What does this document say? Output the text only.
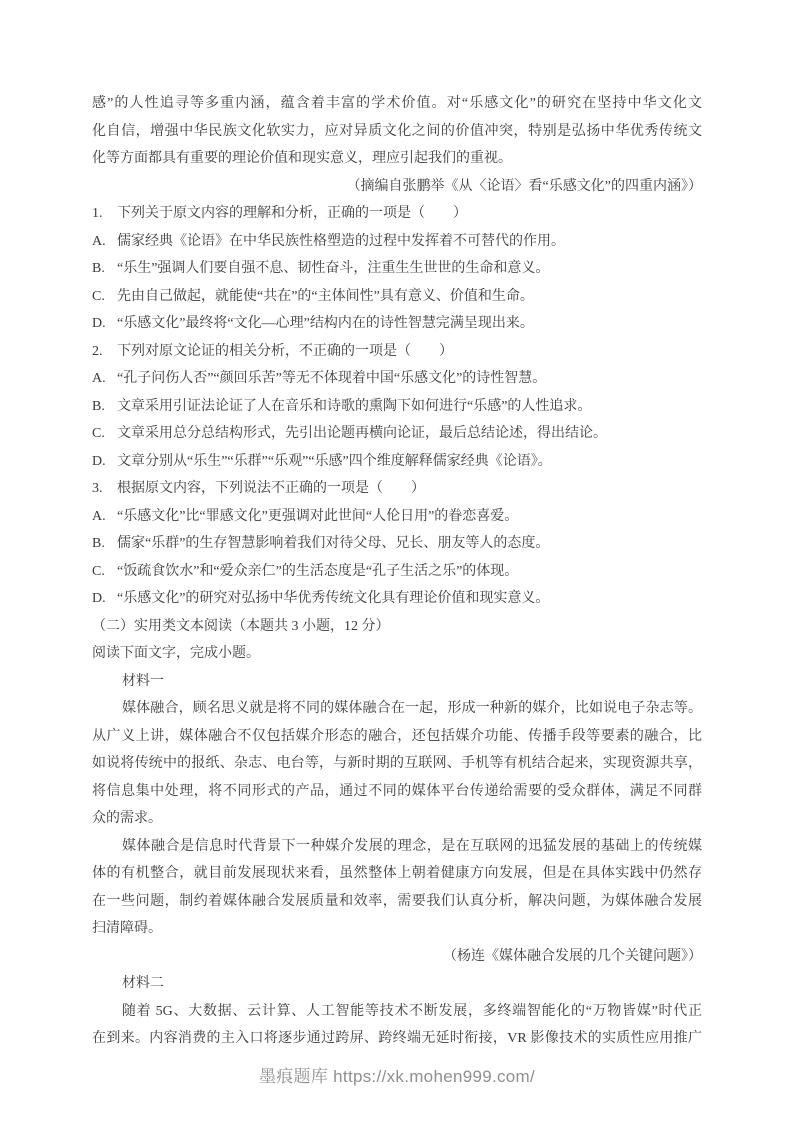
感”的人性追寻等多重内涵，蕴含着丰富的学术价值。对“乐感文化”的研究在坚持中华文化文
化自信，增强中华民族文化软实力，应对异质文化之间的价值冲突，特别是弘扬中华优秀传统文
化等方面都具有重要的理论价值和现实意义，理应引起我们的重视。
（摘编自张鹏举《从〈论语〉看“乐感文化”的四重内涵》）
1.	下列关于原文内容的理解和分析，正确的一项是（　　）
A. 儒家经典《论语》在中华民族性格塑造的过程中发挥着不可替代的作用。
B. “乐生”强调人们要自强不息、韧性奋斗，注重生生世世的生命和意义。
C. 先由自己做起，就能使“共在”的“主体间性”具有意义、价值和生命。
D. “乐感文化”最终将“文化—心理”结构内在的诗性智慧完满呈现出来。
2.	下列对原文论证的相关分析，不正确的一项是（　　）
A. “孔子问伤人否”“颜回乐苦”等无不体现着中国“乐感文化”的诗性智慧。
B. 文章采用引证法论证了人在音乐和诗歌的熏陶下如何进行“乐感”的人性追求。
C. 文章采用总分总结构形式，先引出论题再横向论证，最后总结论述，得出结论。
D. 文章分别从“乐生”“乐群”“乐观”“乐感”四个维度解释儒家经典《论语》。
3.	根据原文内容，下列说法不正确的一项是（　　）
A. “乐感文化”比“罪感文化”更强调对此世间“人伦日用”的眷恋喜爱。
B. 儒家“乐群”的生存智慧影响着我们对待父母、兄长、朋友等人的态度。
C. “饭疏食饮水”和“爱众亲仁”的生活态度是“孔子生活之乐”的体现。
D. “乐感文化”的研究对弘扬中华优秀传统文化具有理论价值和现实意义。
（二）实用类文本阅读（本题共 3 小题，12 分）
阅读下面文字，完成小题。
材料一
媒体融合，顾名思义就是将不同的媒体融合在一起，形成一种新的媒介，比如说电子杂志等。
从广义上讲，媒体融合不仅包括媒介形态的融合，还包括媒介功能、传播手段等要素的融合，比
如说将传统中的报纸、杂志、电台等，与新时期的互联网、手机等有机结合起来，实现资源共享，
将信息集中处理，将不同形式的产品，通过不同的媒体平台传递给需要的受众群体，满足不同群
众的需求。
媒体融合是信息时代背景下一种媒介发展的理念，是在互联网的迅猛发展的基础上的传统媒
体的有机整合，就目前发展现状来看，虽然整体上朝着健康方向发展，但是在具体实践中仍然存
在一些问题，制约着媒体融合发展质量和效率，需要我们认真分析，解决问题，为媒体融合发展
扫清障碍。
（杨连《媒体融合发展的几个关键问题》）
材料二
随着 5G、大数据、云计算、人工智能等技术不断发展，多终端智能化的“万物皆媒”时代正
在到来。内容消费的主入口将逐步通过跨屏、跨终端无延时衔接，VR 影像技术的实质性应用推广
墨痕题库 https://xk.mohen999.com/
